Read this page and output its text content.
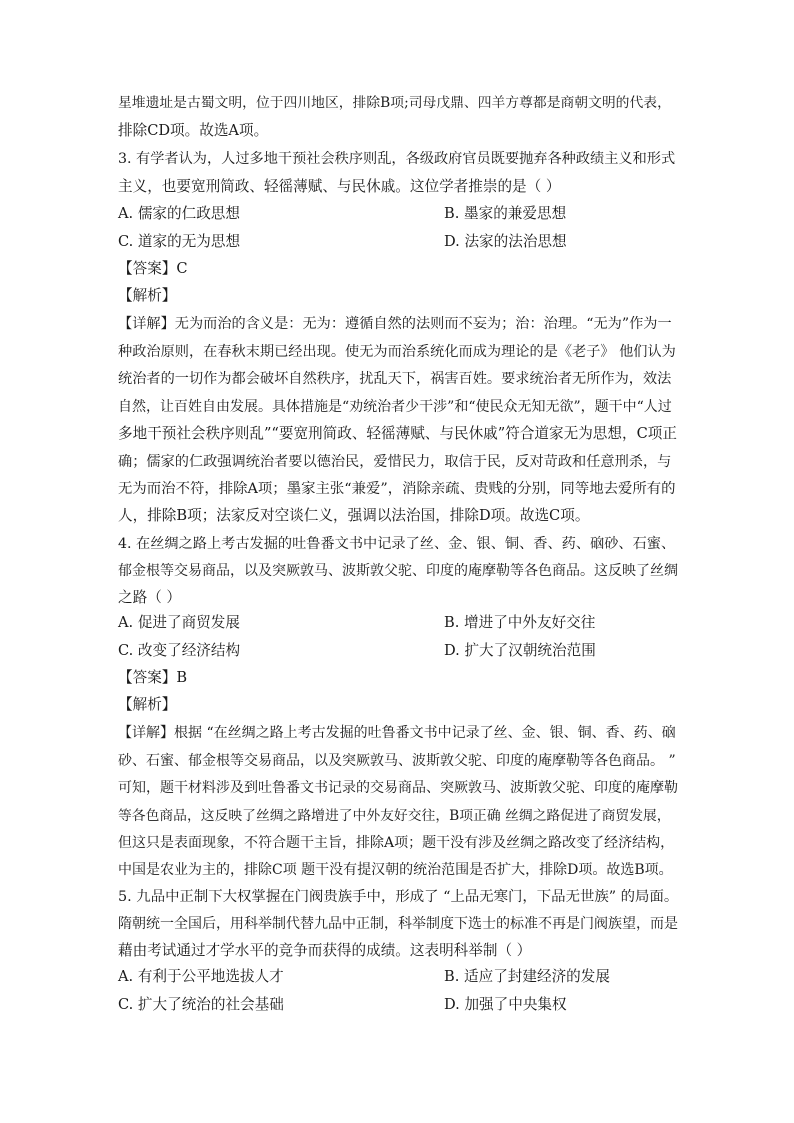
星堆遗址是古蜀文明，位于四川地区，排除B项;司母戊鼎、四羊方尊都是商朝文明的代表，
排除CD项。故选A项。
3. 有学者认为，人过多地干预社会秩序则乱，各级政府官员既要抛弃各种政绩主义和形式
主义，也要宽刑简政、轻徭薄赋、与民休戚。这位学者推崇的是（ ）
A. 儒家的仁政思想	B. 墨家的兼爱思想
C. 道家的无为思想	D. 法家的法治思想
【答案】C
【解析】
【详解】无为而治的含义是：无为：遵循自然的法则而不妄为；治：治理。“无为”作为一
种政治原则，在春秋末期已经出现。使无为而治系统化而成为理论的是《老子》 他们认为
统治者的一切作为都会破坏自然秩序，扰乱天下，祸害百姓。要求统治者无所作为，效法
自然，让百姓自由发展。具体措施是“劝统治者少干涉”和“使民众无知无欲”，题干中“人过
多地干预社会秩序则乱”“要宽刑简政、轻徭薄赋、与民休戚”符合道家无为思想，C项正
确；儒家的仁政强调统治者要以德治民，爱惜民力，取信于民，反对苛政和任意刑杀，与
无为而治不符，排除A项；墨家主张“兼爱”，消除亲疏、贵贱的分别，同等地去爱所有的
人，排除B项；法家反对空谈仁义，强调以法治国，排除D项。故选C项。
4. 在丝绸之路上考古发掘的吐鲁番文书中记录了丝、金、银、铜、香、药、硇砂、石蜜、
郁金根等交易商品，以及突厥敦马、波斯敦父驼、印度的庵摩勒等各色商品。这反映了丝绸
之路（ ）
A. 促进了商贸发展	B. 增进了中外友好交往
C. 改变了经济结构	D. 扩大了汉朝统治范围
【答案】B
【解析】
【详解】根据 “在丝绸之路上考古发掘的吐鲁番文书中记录了丝、金、银、铜、香、药、硇
砂、石蜜、郁金根等交易商品，以及突厥敦马、波斯敦父驼、印度的庵摩勒等各色商品。 ”
可知，题干材料涉及到吐鲁番文书记录的交易商品、突厥敦马、波斯敦父驼、印度的庵摩勒
等各色商品，这反映了丝绸之路增进了中外友好交往，B项正确 丝绸之路促进了商贸发展，
但这只是表面现象，不符合题干主旨，排除A项；题干没有涉及丝绸之路改变了经济结构，
中国是农业为主的，排除C项 题干没有提汉朝的统治范围是否扩大，排除D项。故选B项。
5. 九品中正制下大权掌握在门阀贵族手中，形成了 “上品无寒门，下品无世族” 的局面。
隋朝统一全国后，用科举制代替九品中正制，科举制度下选士的标准不再是门阀族望，而是
藉由考试通过才学水平的竞争而获得的成绩。这表明科举制（ ）
A. 有利于公平地选拔人才	B. 适应了封建经济的发展
C. 扩大了统治的社会基础	D. 加强了中央集权
